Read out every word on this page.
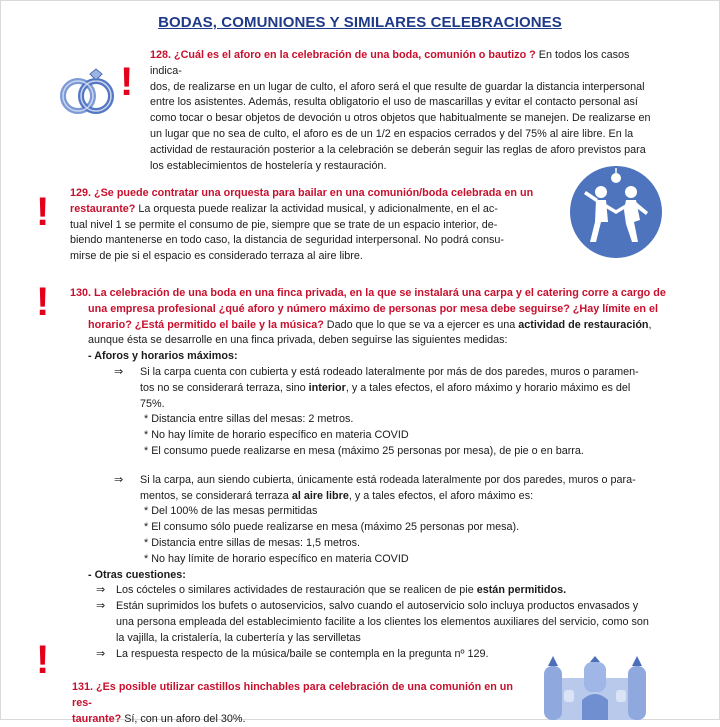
BODAS, COMUNIONES Y SIMILARES CELEBRACIONES
!
128. ¿Cuál es el aforo en la celebración de una boda, comunión o bautizo ? En todos los casos indica-
dos, de realizarse en un lugar de culto, el aforo será el que resulte de guardar la distancia interpersonal
entre los asistentes. Además, resulta obligatorio el uso de mascarillas y evitar el contacto personal así
como tocar o besar objetos de devoción u otros objetos que habitualmente se manejen. De realizarse en
un lugar que no sea de culto, el aforo es de un 1/2 en espacios cerrados y del 75% al aire libre. En la
actividad de restauración posterior a la celebración se deberán seguir las reglas de aforo previstos para
los establecimientos de hostelería y restauración.
! 129. ¿Se puede contratar una orquesta para bailar en una comunión/boda celebrada en un
restaurante? La orquesta puede realizar la actividad musical, y adicionalmente, en el ac-
tual nivel 1 se permite el consumo de pie, siempre que se trate de un espacio interior, de-
biendo mantenerse en todo caso, la distancia de seguridad interpersonal. No podrá consu-
mirse de pie si el espacio es considerado terraza al aire libre.
! 130. La celebración de una boda en una finca privada, en la que se instalará una carpa y el catering corre a cargo de
una empresa profesional ¿qué aforo y número máximo de personas por mesa debe seguirse? ¿Hay límite en el
horario? ¿Está permitido el baile y la música? Dado que lo que se va a ejercer es una actividad de restauración,
aunque ésta se desarrolle en una finca privada, deben seguirse las siguientes medidas:
- Aforos y horarios máximos:
⇒ Si la carpa cuenta con cubierta y está rodeado lateralmente por más de dos paredes, muros o paramen-
tos no se considerará terraza, sino interior, y a tales efectos, el aforo máximo y horario máximo es del
75%.
* Distancia entre sillas del mesas: 2 metros.
* No hay límite de horario específico en materia COVID
* El consumo puede realizarse en mesa (máximo 25 personas por mesa), de pie o en barra.
⇒ Si la carpa, aun siendo cubierta, únicamente está rodeada lateralmente por dos paredes, muros o para-
mentos, se considerará terraza al aire libre, y a tales efectos, el aforo máximo es:
* Del 100% de las mesas permitidas
* El consumo sólo puede realizarse en mesa (máximo 25 personas por mesa).
* Distancia entre sillas de mesas: 1,5 metros.
* No hay límite de horario específico en materia COVID
- Otras cuestiones:
⇒ Los cócteles o similares actividades de restauración que se realicen de pie están permitidos.
⇒ Están suprimidos los bufets o autoservicios, salvo cuando el autoservicio solo incluya productos envasados y
una persona empleada del establecimiento facilite a los clientes los elementos auxiliares del servicio, como son
la vajilla, la cristalería, la cubertería y las servilletas
⇒ La respuesta respecto de la música/baile se contempla en la pregunta nº 129.
!
131. ¿Es posible utilizar castillos hinchables para celebración de una comunión en un res-
taurante? Sí, con un aforo del 30%.
